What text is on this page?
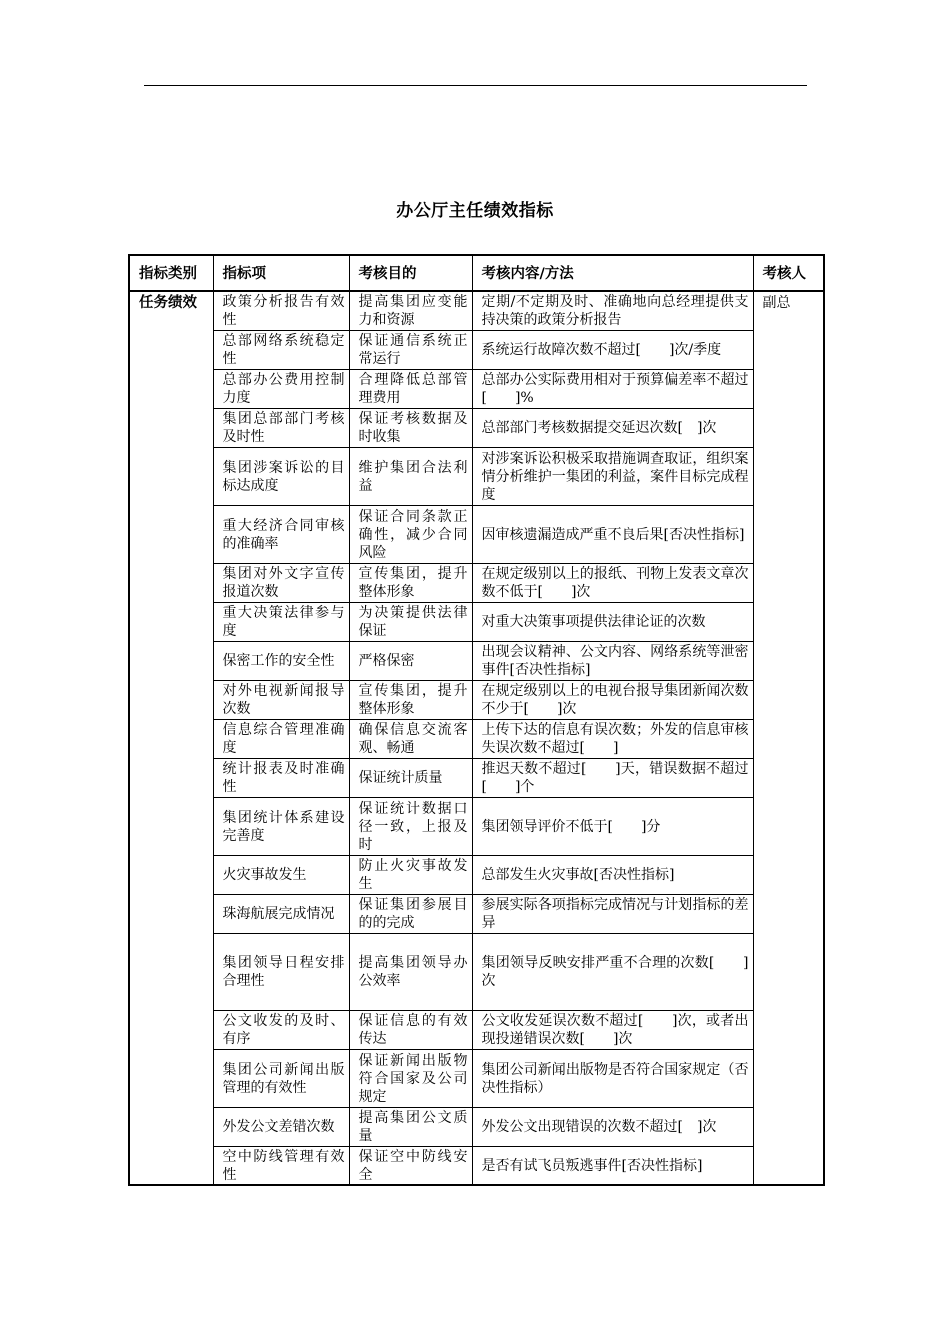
办公厅主任绩效指标
指标类别	指标项	考核目的	考核内容/方法	考核人
任务绩效	政策分析报告有效性	提高集团应变能力和资源	定期/不定期及时、准确地向总经理提供支持决策的政策分析报告	副总
	总部网络系统稳定性	保证通信系统正常运行	系统运行故障次数不超过[　　]次/季度	
	总部办公费用控制力度	合理降低总部管理费用	总部办公实际费用相对于预算偏差率不超过[　　]%	
	集团总部部门考核及时性	保证考核数据及时收集	总部部门考核数据提交延迟次数[　]次	
	集团涉案诉讼的目标达成度	维护集团合法利益	对涉案诉讼积极采取措施调查取证，组织案情分析维护一集团的利益，案件目标完成程度	
	重大经济合同审核的准确率	保证合同条款正确性，减少合同风险	因审核遗漏造成严重不良后果[否决性指标]	
	集团对外文字宣传报道次数	宣传集团，提升整体形象	在规定级别以上的报纸、刊物上发表文章次数不低于[　　]次	
	重大决策法律参与度	为决策提供法律保证	对重大决策事项提供法律论证的次数	
	保密工作的安全性	严格保密	出现会议精神、公文内容、网络系统等泄密事件[否决性指标]	
	对外电视新闻报导次数	宣传集团，提升整体形象	在规定级别以上的电视台报导集团新闻次数不少于[　　]次	
	信息综合管理准确度	确保信息交流客观、畅通	上传下达的信息有误次数；外发的信息审核失误次数不超过[　　]	
	统计报表及时准确性	保证统计质量	推迟天数不超过[　　]天，错误数据不超过[　　]个	
	集团统计体系建设完善度	保证统计数据口径一致，上报及时	集团领导评价不低于[　　]分	
	火灾事故发生	防止火灾事故发生	总部发生火灾事故[否决性指标]	
	珠海航展完成情况	保证集团参展目的的完成	参展实际各项指标完成情况与计划指标的差异	
	集团领导日程安排合理性	提高集团领导办公效率	集团领导反映安排严重不合理的次数[　　]次	
	公文收发的及时、有序	保证信息的有效传达	公文收发延误次数不超过[　　]次，或者出现投递错误次数[　　]次	
	集团公司新闻出版管理的有效性	保证新闻出版物符合国家及公司规定	集团公司新闻出版物是否符合国家规定（否决性指标）	
	外发公文差错次数	提高集团公文质量	外发公文出现错误的次数不超过[　]次	
	空中防线管理有效性	保证空中防线安全	是否有试飞员叛逃事件[否决性指标]	
